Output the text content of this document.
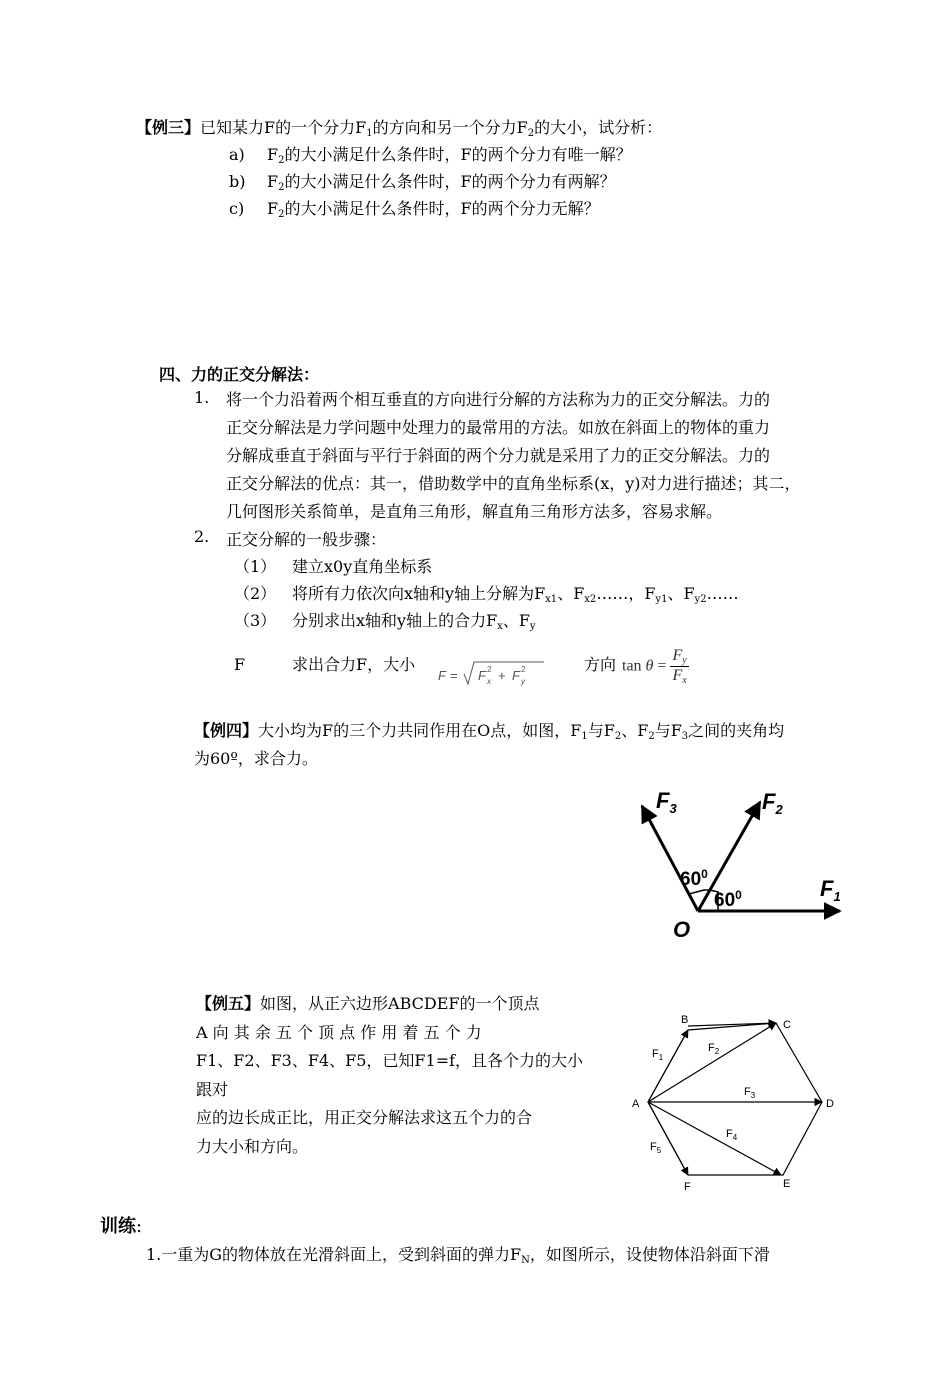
【例三】已知某力F的一个分力$F_1$的方向和另一个分力$F_2$的大小，试分析：
a) $F_2$的大小满足什么条件时，F的两个分力有唯一解？
b) $F_2$的大小满足什么条件时，F的两个分力有两解？
c) $F_2$的大小满足什么条件时，F的两个分力无解？
四、力的正交分解法：
1. 将一个力沿着两个相互垂直的方向进行分解的方法称为力的正交分解法。力的
正交分解法是力学问题中处理力的最常用的方法。如放在斜面上的物体的重力
分解成垂直于斜面与平行于斜面的两个分力就是采用了力的正交分解法。力的
正交分解法的优点：其一，借助数学中的直角坐标系(x，y)对力进行描述；其二，
几何图形关系简单，是直角三角形，解直角三角形方法多，容易求解。
2. 正交分解的一般步骤：
（1） 建立x0y直角坐标系
（2） 将所有力依次向x轴和y轴上分解为$F_{x1}$、$F_{x2}\dots\dots$，$F_{y1}$、$F_{y2}\dots\dots$
（3） 分别求出x轴和y轴上的合力$F_x$、$F_y$
F	求出合力F，大小
F = F x
2 + F y
2	方向 $\tan \theta = \frac{F_y}{F_x}$
【例四】大小均为F的三个力共同作用在O点，如图，$F_1$与$F_2$、$F_2$与$F_3$之间的夹角均
为60º，求合力。
$F_1$
$F_2$
$F_3$
$60^0$
$60^0$
O
【例五】如图，从正六边形ABCDEF的一个顶点
A 向 其 余 五 个 顶 点 作 用 着 五 个 力
F1、F2、F3、F4、F5，已知F1=f，且各个力的大小跟对
应的边长成正比，用正交分解法求这五个力的合
力大小和方向。
A
B	C
D
E
F
$F_1$
$F_2$
$F_3$
$F_4$
$F_5$
训练:
1.一重为G的物体放在光滑斜面上，受到斜面的弹力$F_N$，如图所示，设使物体沿斜面下滑
